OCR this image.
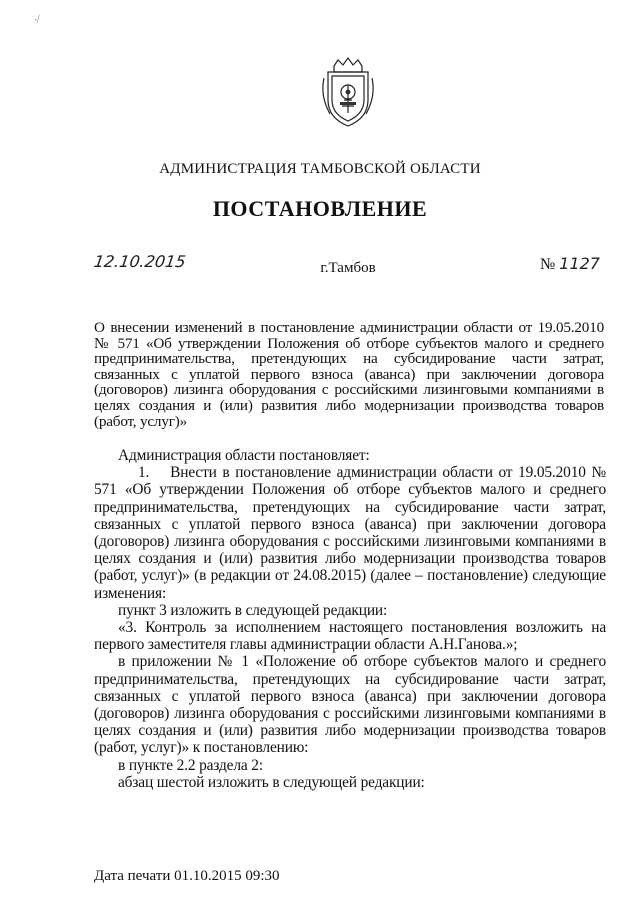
·⁄
АДМИНИСТРАЦИЯ ТАМБОВСКОЙ ОБЛАСТИ
ПОСТАНОВЛЕНИЕ
12.10.2015	г.Тамбов	№ 1127
О внесении изменений в постановление администрации области от 19.05.2010 № 571 «Об утверждении Положения об отборе субъектов малого и среднего предпринимательства, претендующих на субсидирование части затрат, связанных с уплатой первого взноса (аванса) при заключении договора (договоров) лизинга оборудования с российскими лизинговыми компаниями в целях создания и (или) развития либо модернизации производства товаров (работ, услуг)»

Администрация области постановляет:

1.  Внести в постановление администрации области от 19.05.2010 № 571 «Об утверждении Положения об отборе субъектов малого и среднего предпринимательства, претендующих на субсидирование части затрат, связанных с уплатой первого взноса (аванса) при заключении договора (договоров) лизинга оборудования с российскими лизинговыми компаниями в целях создания и (или) развития либо модернизации производства товаров (работ, услуг)» (в редакции от 24.08.2015) (далее – постановление) следующие изменения:

пункт 3 изложить в следующей редакции:

«3. Контроль за исполнением настоящего постановления возложить на первого заместителя главы администрации области А.Н.Ганова.»;

в приложении № 1 «Положение об отборе субъектов малого и среднего предпринимательства, претендующих на субсидирование части затрат, связанных с уплатой первого взноса (аванса) при заключении договора (договоров) лизинга оборудования с российскими лизинговыми компаниями в целях создания и (или) развития либо модернизации производства товаров (работ, услуг)» к постановлению:

в пункте 2.2 раздела 2:

абзац шестой изложить в следующей редакции:

Дата печати 01.10.2015 09:30
